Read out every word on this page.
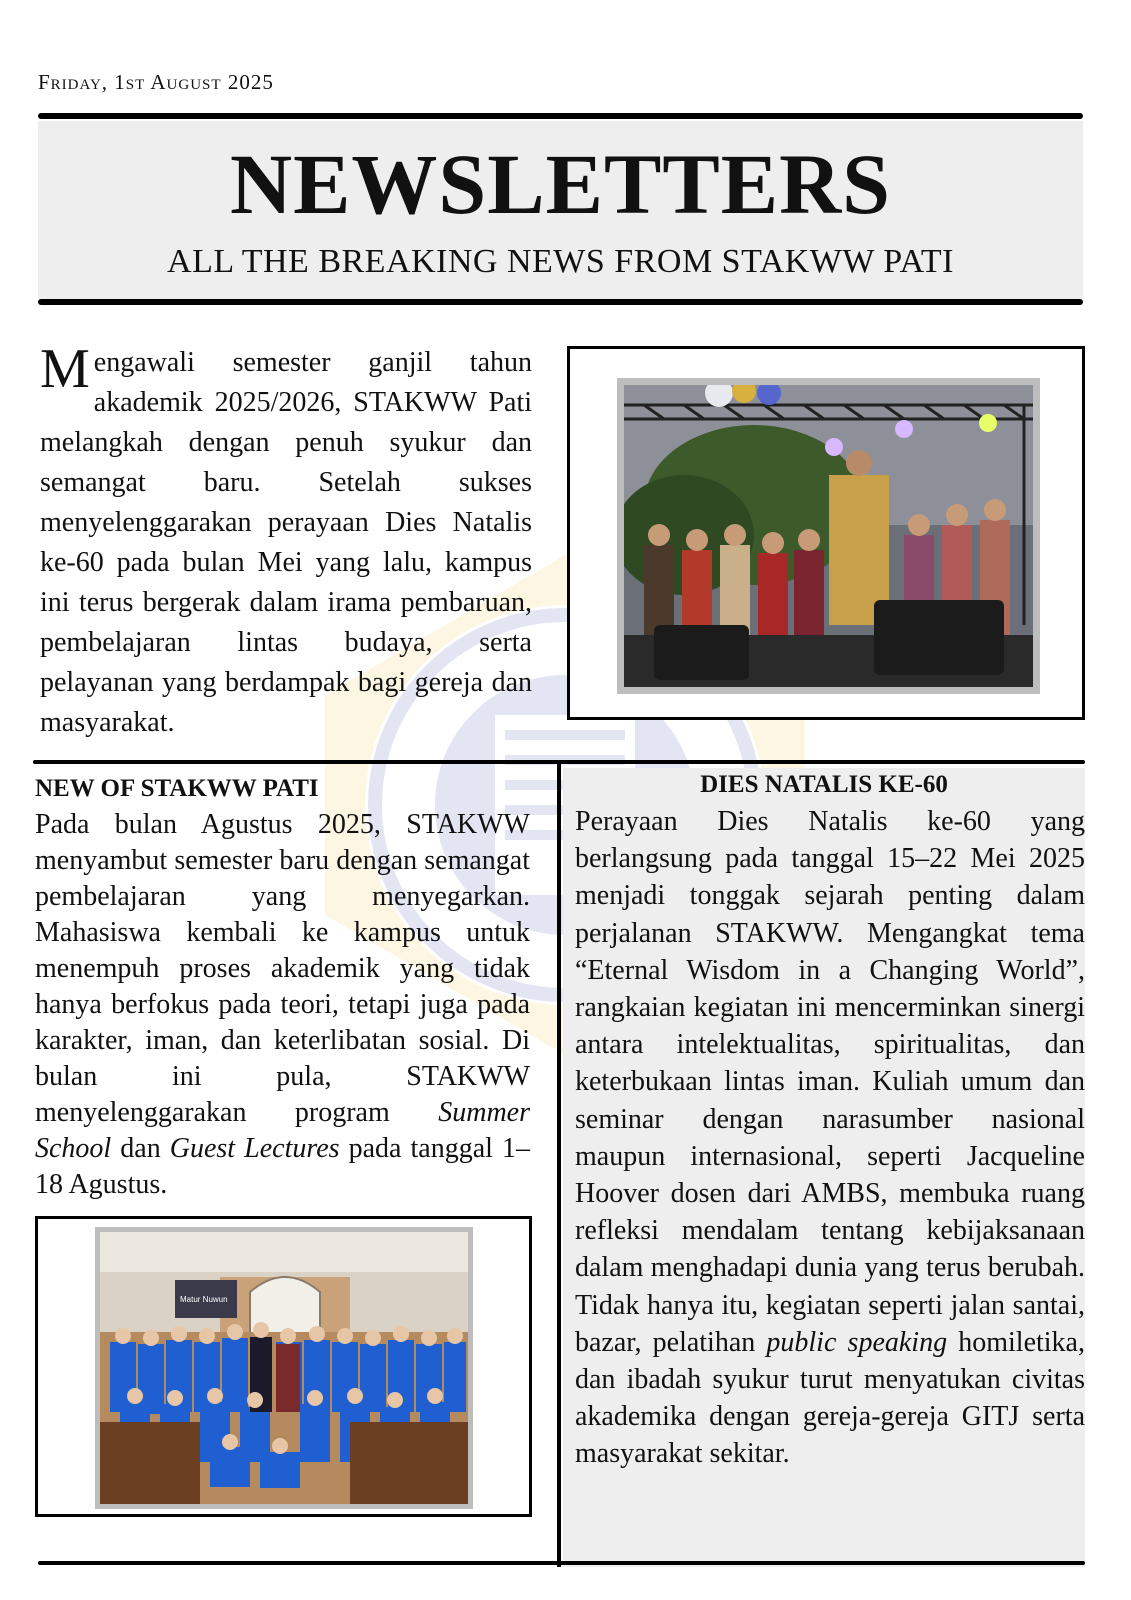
Friday, 1st August 2025
NEWSLETTERS
ALL THE BREAKING NEWS FROM STAKWW PATI
Mengawali semester ganjil tahun akademik 2025/2026, STAKWW Pati melangkah dengan penuh syukur dan semangat baru. Setelah sukses menyelenggarakan perayaan Dies Natalis ke-60 pada bulan Mei yang lalu, kampus ini terus bergerak dalam irama pembaruan, pembelajaran lintas budaya, serta pelayanan yang berdampak bagi gereja dan masyarakat.
NEW OF STAKWW PATI
Pada bulan Agustus 2025, STAKWW menyambut semester baru dengan semangat pembelajaran yang menyegarkan. Mahasiswa kembali ke kampus untuk menempuh proses akademik yang tidak hanya berfokus pada teori, tetapi juga pada karakter, iman, dan keterlibatan sosial. Di bulan ini pula, STAKWW menyelenggarakan program Summer School dan Guest Lectures pada tanggal 1–18 Agustus.
Matur Nuwun
DIES NATALIS KE-60
Perayaan Dies Natalis ke-60 yang berlangsung pada tanggal 15–22 Mei 2025 menjadi tonggak sejarah penting dalam perjalanan STAKWW. Mengangkat tema “Eternal Wisdom in a Changing World”, rangkaian kegiatan ini mencerminkan sinergi antara intelektualitas, spiritualitas, dan keterbukaan lintas iman. Kuliah umum dan seminar dengan narasumber nasional maupun internasional, seperti Jacqueline Hoover dosen dari AMBS, membuka ruang refleksi mendalam tentang kebijaksanaan dalam menghadapi dunia yang terus berubah. Tidak hanya itu, kegiatan seperti jalan santai, bazar, pelatihan public speaking homiletika, dan ibadah syukur turut menyatukan civitas akademika dengan gereja-gereja GITJ serta masyarakat sekitar.
